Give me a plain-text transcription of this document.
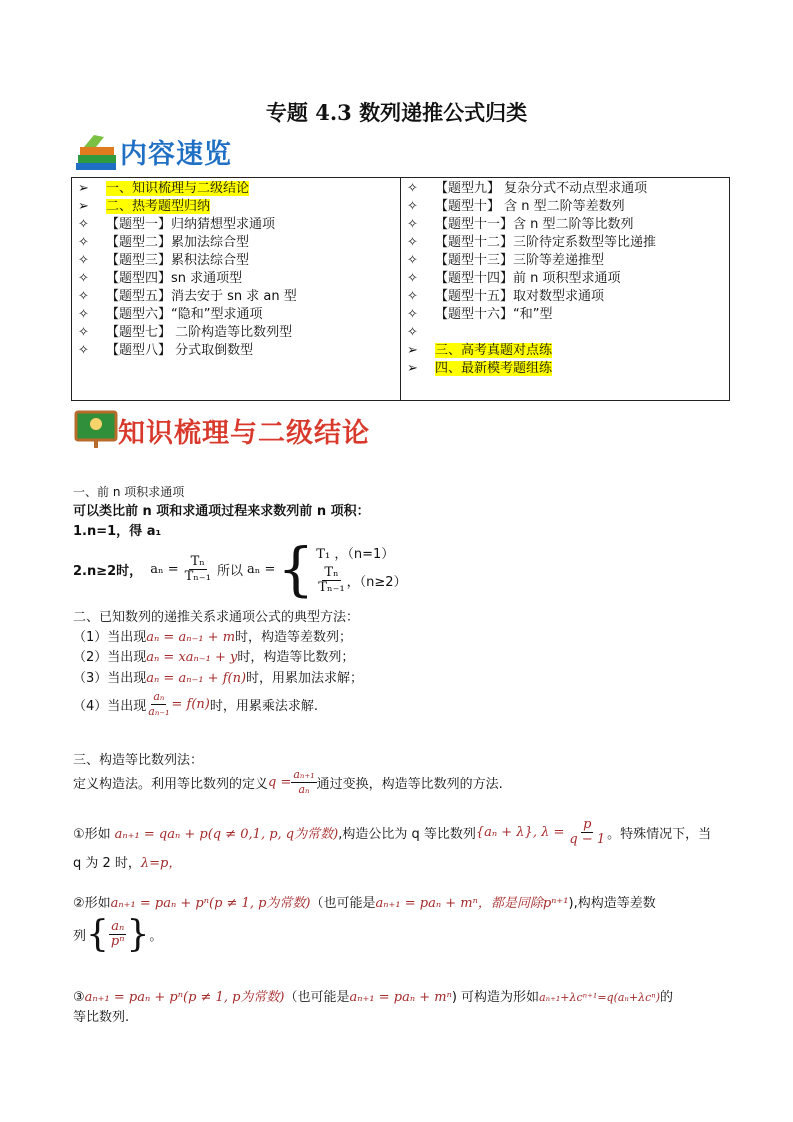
专题 4.3 数列递推公式归类
内容速览
➢ 一、知识梳理与二级结论
➢ 二、热考题型归纳
✧ 【题型一】归纳猜想型求通项
✧ 【题型二】累加法综合型
✧ 【题型三】累积法综合型
✧ 【题型四】sn 求通项型
✧ 【题型五】消去安于 sn 求 an 型
✧ 【题型六】“隐和”型求通项
✧ 【题型七】 二阶构造等比数列型
✧ 【题型八】 分式取倒数型
✧ 【题型九】 复杂分式不动点型求通项
✧ 【题型十】 含 n 型二阶等差数列
✧ 【题型十一】含 n 型二阶等比数列
✧ 【题型十二】三阶待定系数型等比递推
✧ 【题型十三】三阶等差递推型
✧ 【题型十四】前 n 项积型求通项
✧ 【题型十五】取对数型求通项
✧ 【题型十六】“和”型
✧
➢ 三、高考真题对点练
➢ 四、最新模考题组练
知识梳理与二级结论
一、前 n 项积求通项
可以类比前 n 项和求通项过程来求数列前 n 项积：
1.n=1，得 a₁
2.n≥2时， $a_n = \frac{\text{Tₙ}}{\text{Tₙ₋₁}}$ 所以 aₙ = { T₁ ，（n=1）
Tₙ
Tₙ₋₁ ，（n≥2）
二、已知数列的递推关系求通项公式的典型方法：
（1）当出现aₙ = aₙ₋₁ + m时，构造等差数列；
（2）当出现aₙ = xaₙ₋₁ + y时，构造等比数列；
（3）当出现aₙ = aₙ₋₁ + f(n)时，用累加法求解；
（4）当出现 $\frac{\text{aₙ}}{\text{aₙ₋₁}} = f(n)$ 时，用累乘法求解.
三、构造等比数列法：
定义构造法。利用等比数列的定义 $q = \frac{\text{aₙ₊₁}}{\text{aₙ}}$ 通过变换，构造等比数列的方法.
①形如 aₙ₊₁ = qaₙ + p(q ≠ 0,1, p, q为常数) ,构造公比为 q 等比数列 {aₙ + λ}, $\lambda = \frac{p}{q - 1}$ 。特殊情况下，当
q 为 2 时，λ=p，
②形如aₙ₊₁ = paₙ + pⁿ(p ≠ 1, p为常数)（也可能是aₙ₊₁ = paₙ + mⁿ，都是同除pⁿ⁺¹),构构造等差数
列 { aₙ
pⁿ } 。
③aₙ₊₁ = paₙ + pⁿ(p ≠ 1, p为常数)（也可能是aₙ₊₁ = paₙ + mⁿ) 可构造为形如aₙ₊₁+λcⁿ⁺¹=q(aₙ+λcⁿ)的
等比数列.
